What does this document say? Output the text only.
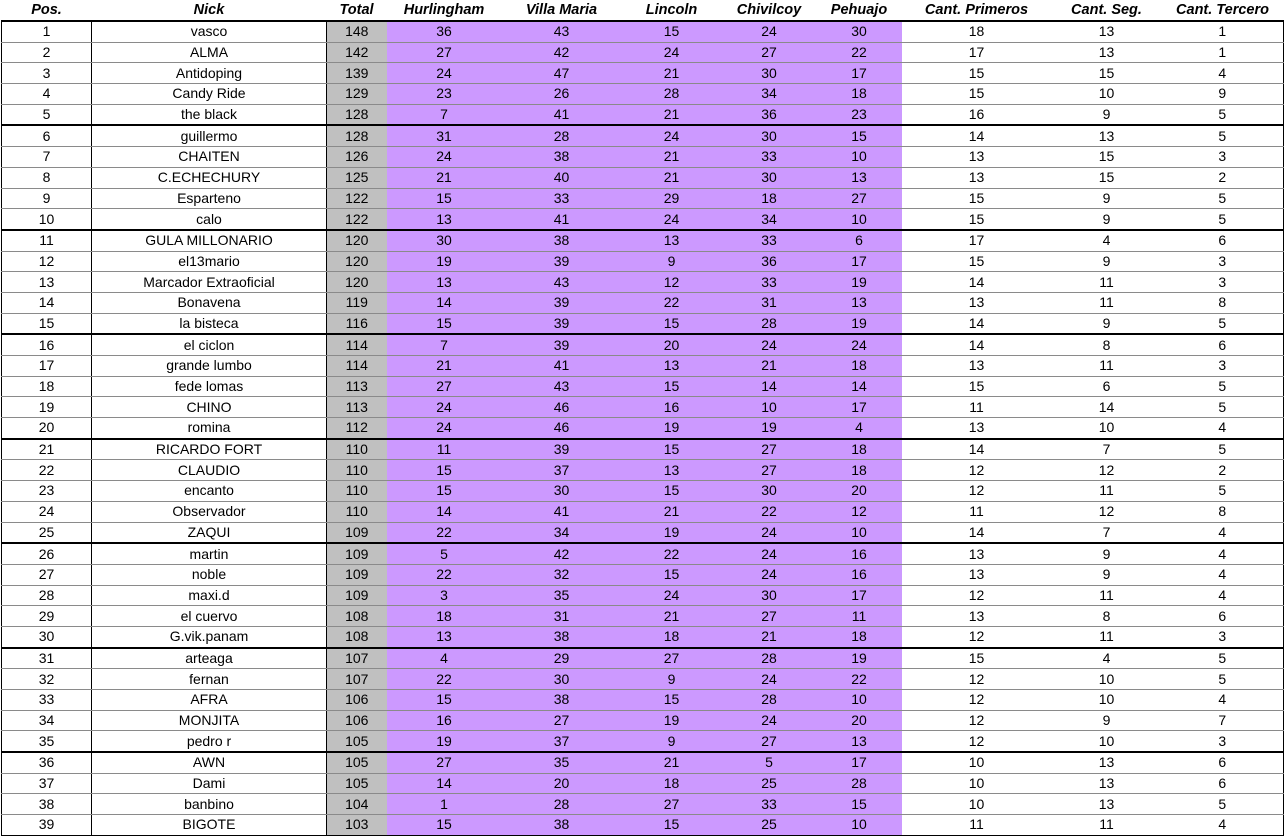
Pos.	Nick	Total	Hurlingham	Villa Maria	Lincoln	Chivilcoy	Pehuajo	Cant. Primeros	Cant. Seg.	Cant. Tercero
1	vasco	148	36	43	15	24	30	18	13	1
2	ALMA	142	27	42	24	27	22	17	13	1
3	Antidoping	139	24	47	21	30	17	15	15	4
4	Candy Ride	129	23	26	28	34	18	15	10	9
5	the black	128	7	41	21	36	23	16	9	5
6	guillermo	128	31	28	24	30	15	14	13	5
7	CHAITEN	126	24	38	21	33	10	13	15	3
8	C.ECHECHURY	125	21	40	21	30	13	13	15	2
9	Esparteno	122	15	33	29	18	27	15	9	5
10	calo	122	13	41	24	34	10	15	9	5
11	GULA MILLONARIO	120	30	38	13	33	6	17	4	6
12	el13mario	120	19	39	9	36	17	15	9	3
13	Marcador Extraoficial	120	13	43	12	33	19	14	11	3
14	Bonavena	119	14	39	22	31	13	13	11	8
15	la bisteca	116	15	39	15	28	19	14	9	5
16	el ciclon	114	7	39	20	24	24	14	8	6
17	grande lumbo	114	21	41	13	21	18	13	11	3
18	fede lomas	113	27	43	15	14	14	15	6	5
19	CHINO	113	24	46	16	10	17	11	14	5
20	romina	112	24	46	19	19	4	13	10	4
21	RICARDO FORT	110	11	39	15	27	18	14	7	5
22	CLAUDIO	110	15	37	13	27	18	12	12	2
23	encanto	110	15	30	15	30	20	12	11	5
24	Observador	110	14	41	21	22	12	11	12	8
25	ZAQUI	109	22	34	19	24	10	14	7	4
26	martin	109	5	42	22	24	16	13	9	4
27	noble	109	22	32	15	24	16	13	9	4
28	maxi.d	109	3	35	24	30	17	12	11	4
29	el cuervo	108	18	31	21	27	11	13	8	6
30	G.vik.panam	108	13	38	18	21	18	12	11	3
31	arteaga	107	4	29	27	28	19	15	4	5
32	fernan	107	22	30	9	24	22	12	10	5
33	AFRA	106	15	38	15	28	10	12	10	4
34	MONJITA	106	16	27	19	24	20	12	9	7
35	pedro r	105	19	37	9	27	13	12	10	3
36	AWN	105	27	35	21	5	17	10	13	6
37	Dami	105	14	20	18	25	28	10	13	6
38	banbino	104	1	28	27	33	15	10	13	5
39	BIGOTE	103	15	38	15	25	10	11	11	4
